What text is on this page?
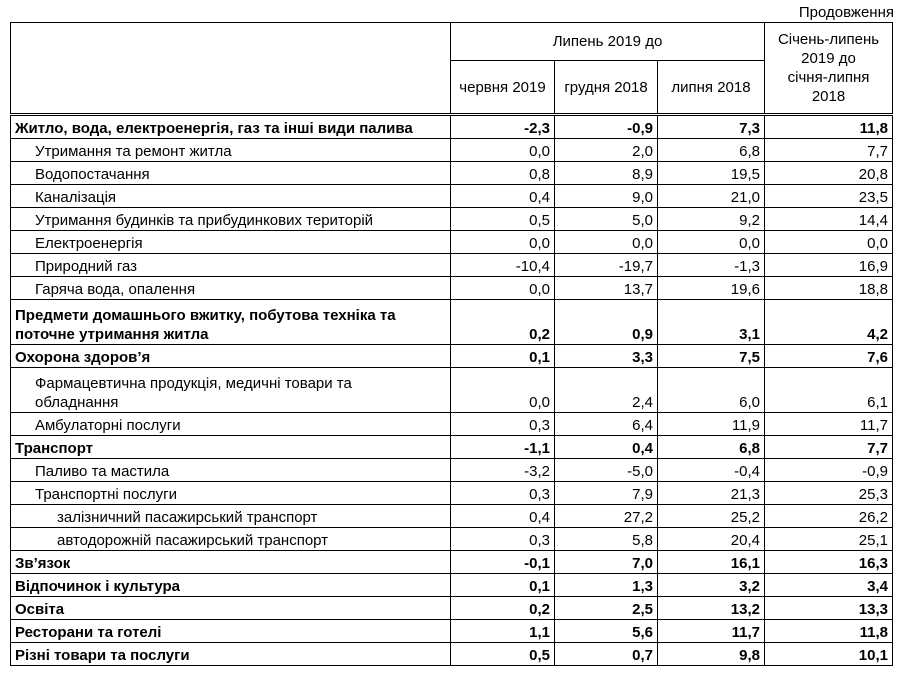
Продовження
	Липень 2019 до			Січень-липень
2019 до
січня-липня
2018

	червня 2019	грудня 2018	липня 2018	
Житло, вода, електроенергія, газ та інші види палива	-2,3	-0,9	7,3	11,8
Утримання та ремонт житла	0,0	2,0	6,8	7,7
Водопостачання	0,8	8,9	19,5	20,8
Каналізація	0,4	9,0	21,0	23,5
Утримання будинків та прибудинкових територій	0,5	5,0	9,2	14,4
Електроенергія	0,0	0,0	0,0	0,0
Природний газ	-10,4	-19,7	-1,3	16,9
Гаряча вода, опалення	0,0	13,7	19,6	18,8

Предмети домашнього вжитку, побутова техніка та
поточне утримання житла	0,2	0,9	3,1	4,2
Охорона здоров’я	0,1	3,3	7,5	7,6

Фармацевтична продукція, медичні товари та
обладнання	0,0	2,4	6,0	6,1
Амбулаторні послуги	0,3	6,4	11,9	11,7
Транспорт	-1,1	0,4	6,8	7,7
Паливо та мастила	-3,2	-5,0	-0,4	-0,9
Транспортні послуги	0,3	7,9	21,3	25,3
залізничний пасажирський транспорт	0,4	27,2	25,2	26,2
автодорожній пасажирський транспорт	0,3	5,8	20,4	25,1
Зв’язок	-0,1	7,0	16,1	16,3
Відпочинок і культура	0,1	1,3	3,2	3,4
Освіта	0,2	2,5	13,2	13,3
Ресторани та готелі	1,1	5,6	11,7	11,8
Різні товари та послуги	0,5	0,7	9,8	10,1
